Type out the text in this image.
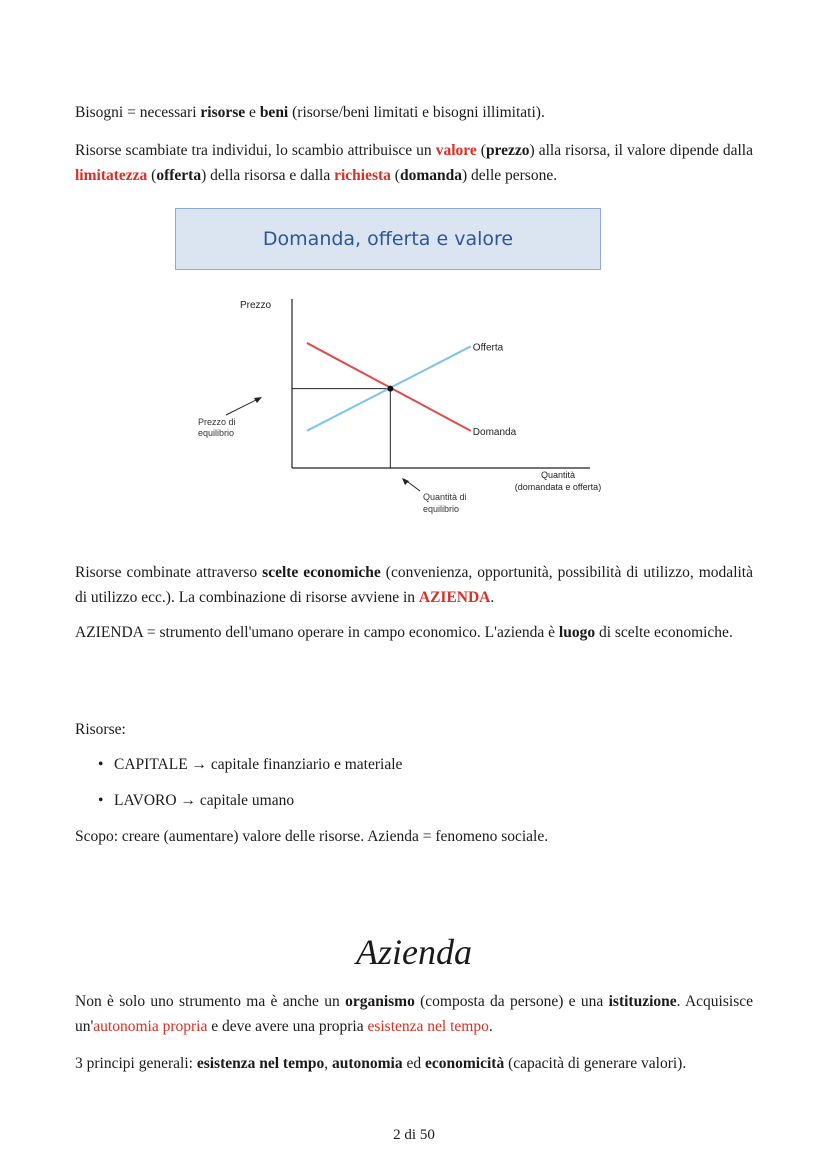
Bisogni = necessari risorse e beni (risorse/beni limitati e bisogni illimitati).

Risorse scambiate tra individui, lo scambio attribuisce un valore (prezzo) alla risorsa, il valore dipende dalla limitatezza (offerta) della risorsa e dalla richiesta (domanda) delle persone.

Domanda, offerta e valore
Prezzo
Offerta
Domanda
Quantità
(domandata e offerta)
Prezzo di
equilibrio
Quantità di
equilibrio

Risorse combinate attraverso scelte economiche (convenienza, opportunità, possibilità di utilizzo, modalità di utilizzo ecc.). La combinazione di risorse avviene in AZIENDA.

AZIENDA = strumento dell'umano operare in campo economico. L'azienda è luogo di scelte economiche.

Risorse:

• CAPITALE → capitale finanziario e materiale
• LAVORO → capitale umano

Scopo: creare (aumentare) valore delle risorse. Azienda = fenomeno sociale.

Azienda

Non è solo uno strumento ma è anche un organismo (composta da persone) e una istituzione. Acquisisce un'autonomia propria e deve avere una propria esistenza nel tempo.

3 principi generali: esistenza nel tempo, autonomia ed economicità (capacità di generare valori).

2 di 50
